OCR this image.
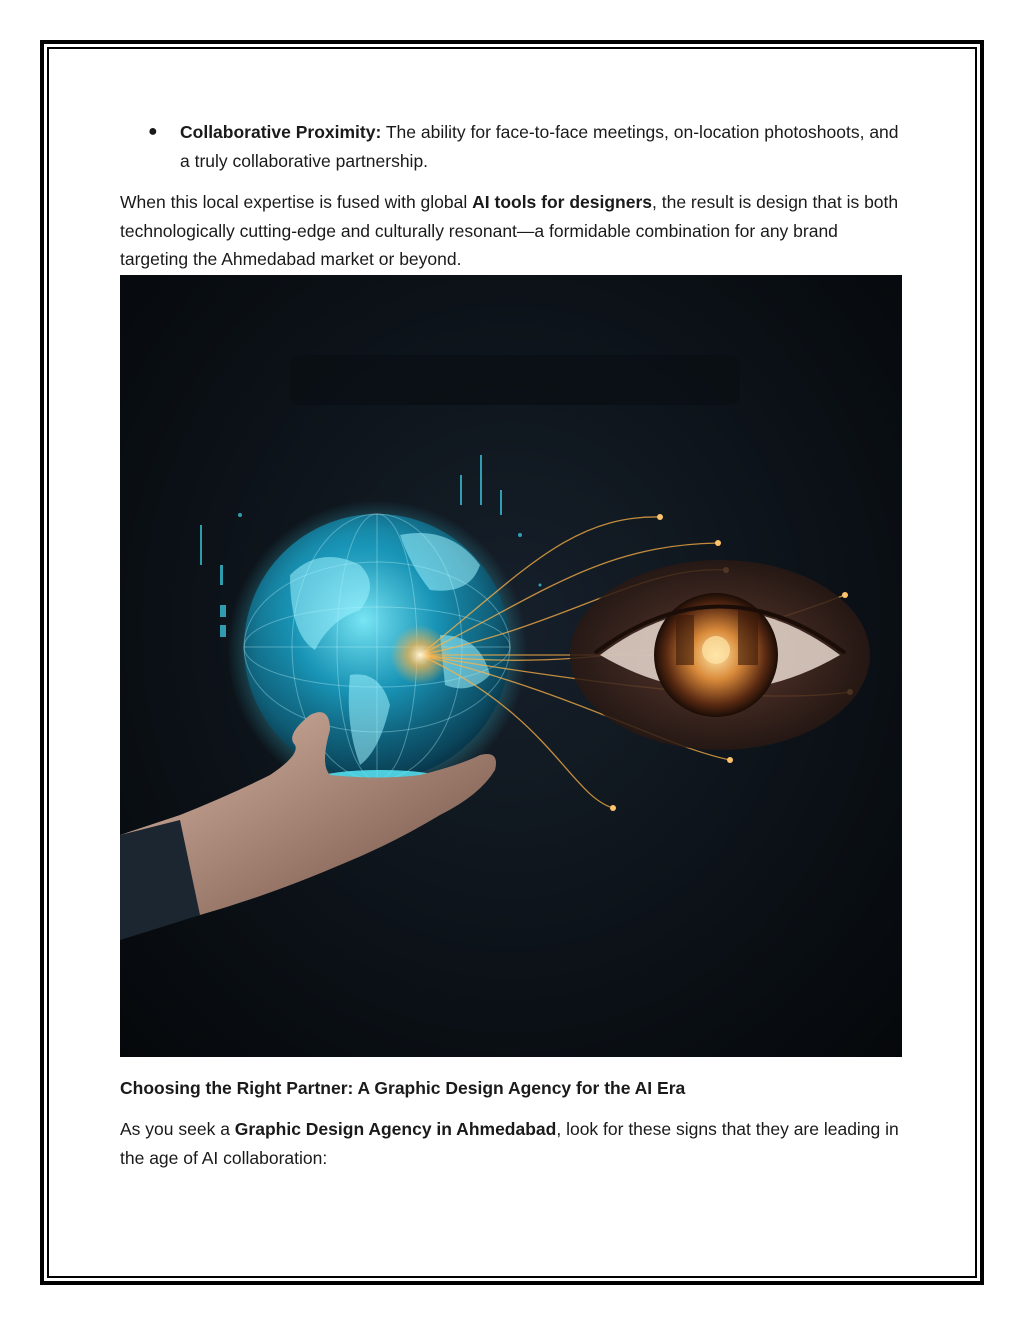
●	Collaborative Proximity: The ability for face-to-face meetings, on-location photoshoots, and a truly collaborative partnership.

When this local expertise is fused with global AI tools for designers, the result is design that is both technologically cutting-edge and culturally resonant—a formidable combination for any brand targeting the Ahmedabad market or beyond.

Choosing the Right Partner: A Graphic Design Agency for the AI Era

As you seek a Graphic Design Agency in Ahmedabad, look for these signs that they are leading in the age of AI collaboration:
